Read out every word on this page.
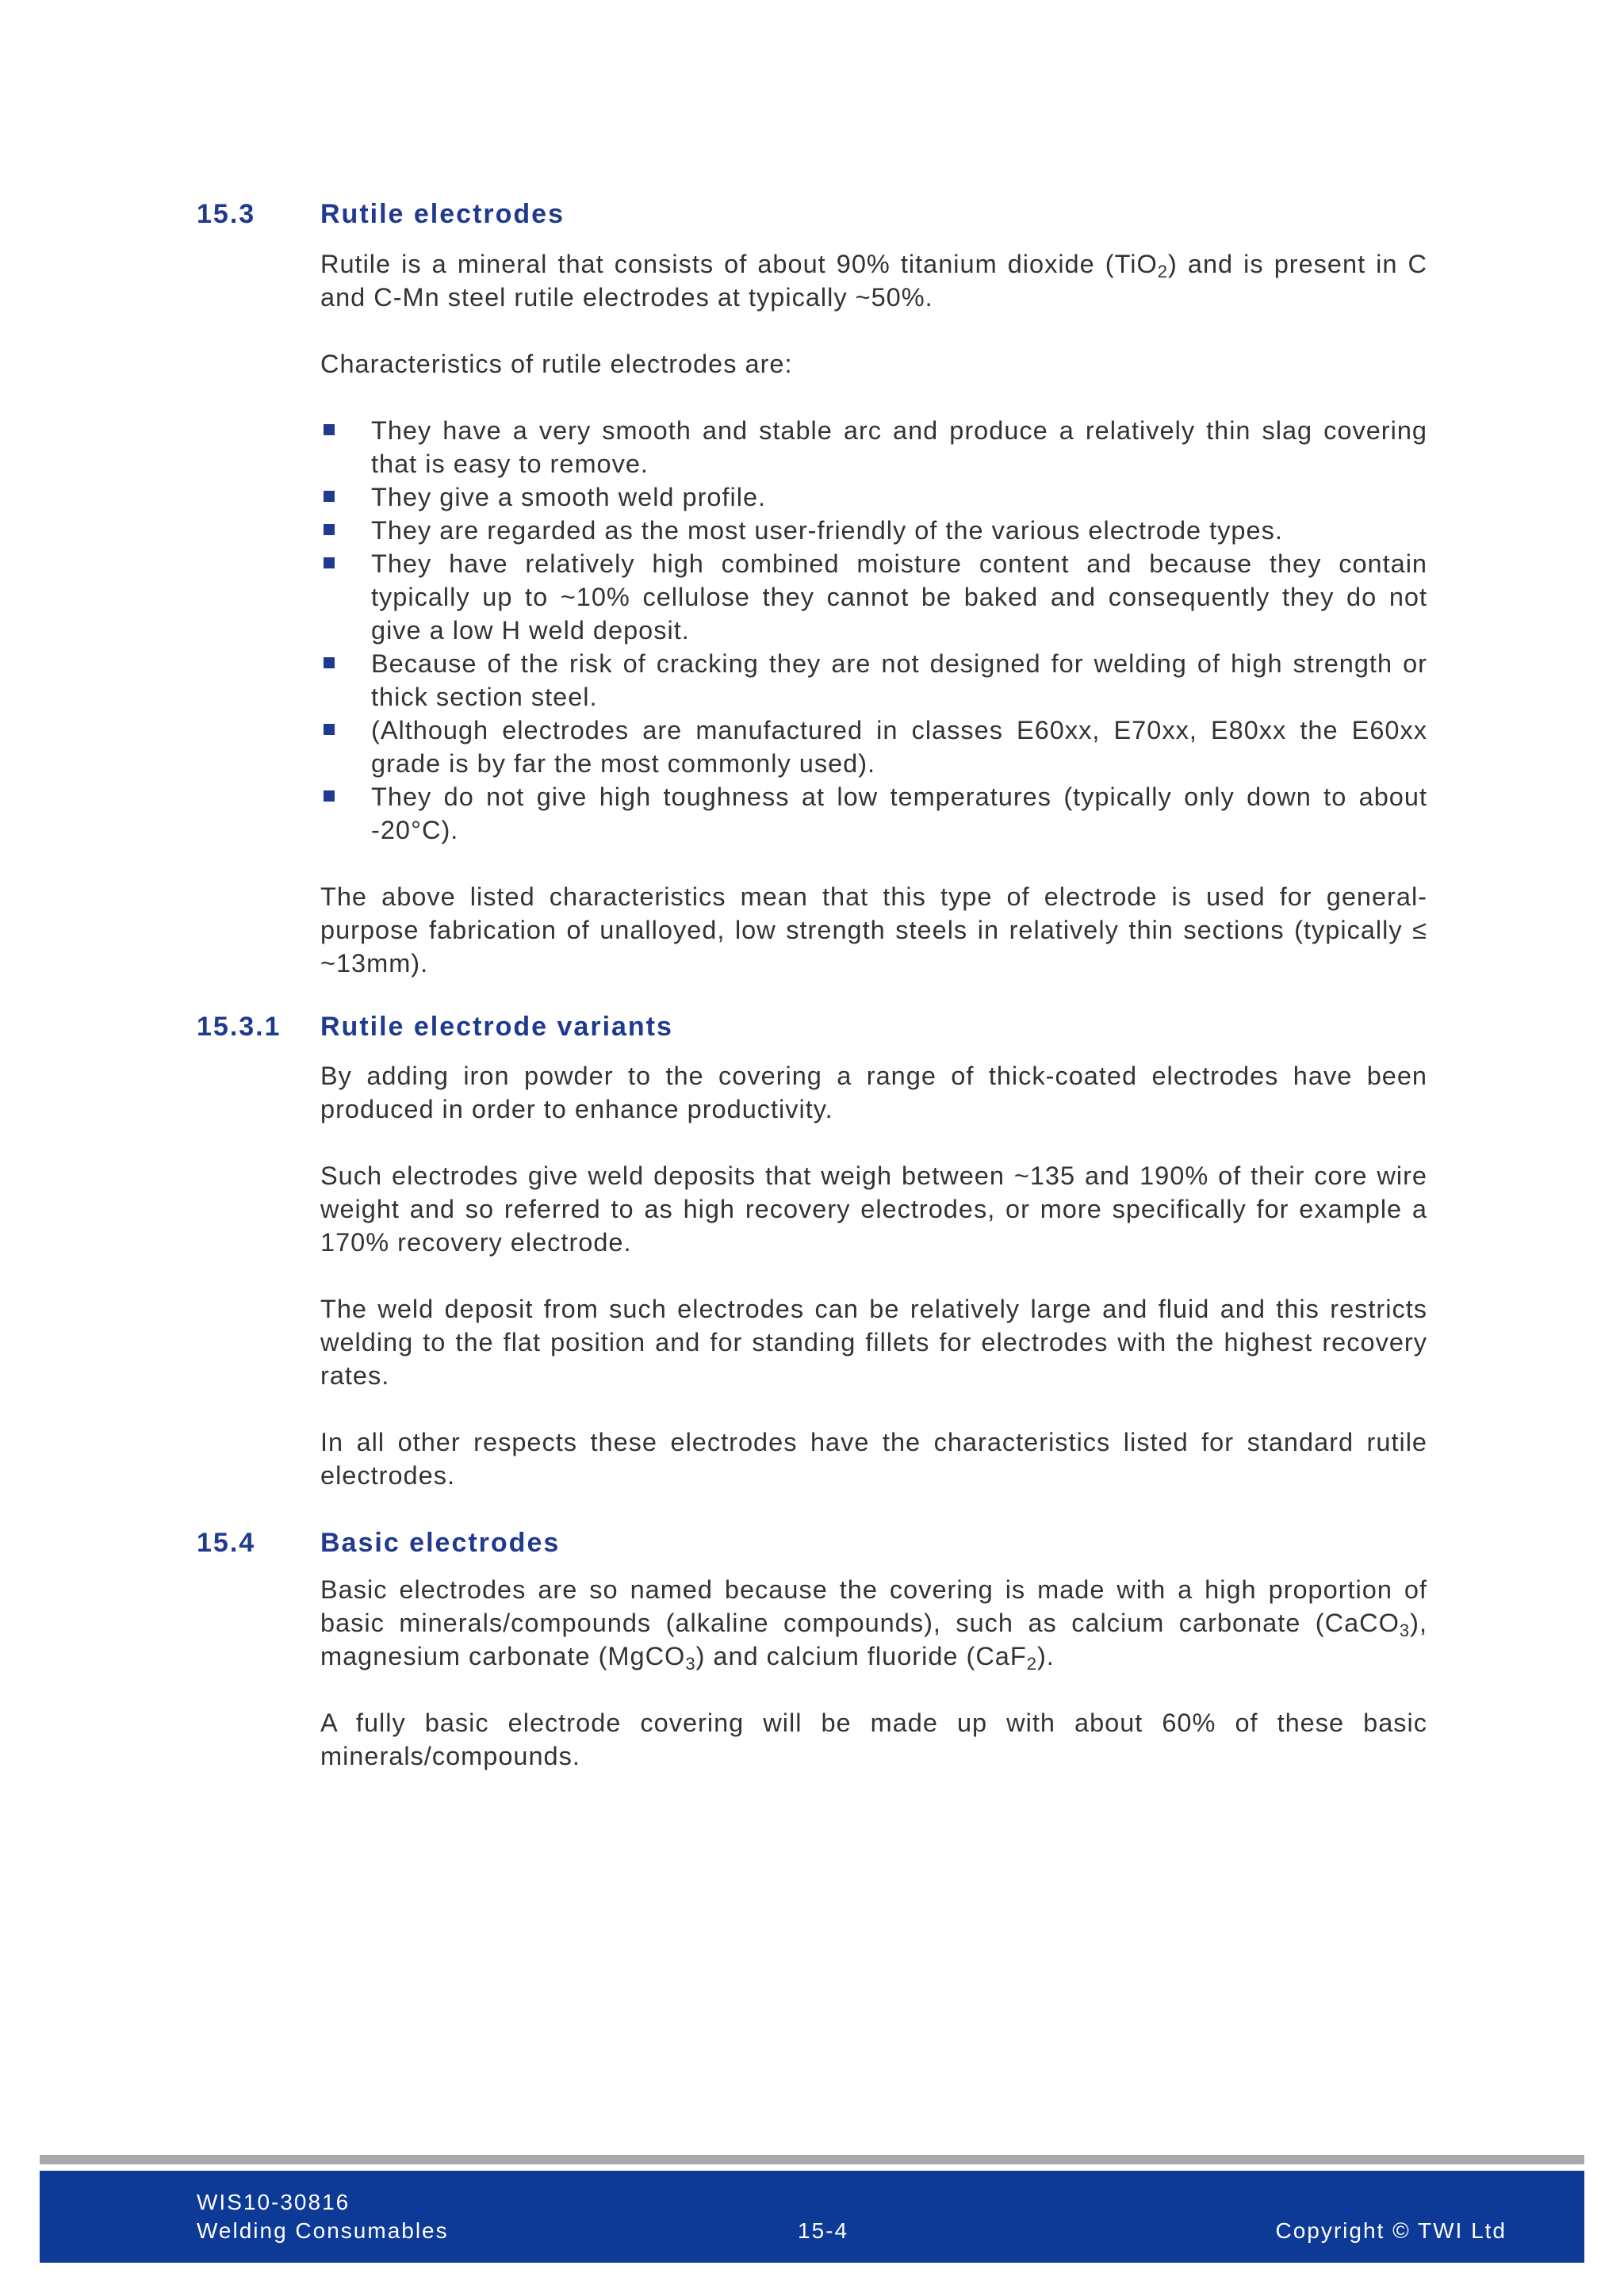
15.3 Rutile electrodes

Rutile is a mineral that consists of about 90% titanium dioxide (TiO$_2$) and is present in C and C-Mn steel rutile electrodes at typically ~50%.

Characteristics of rutile electrodes are:

They have a very smooth and stable arc and produce a relatively thin slag covering that is easy to remove.
They give a smooth weld profile.
They are regarded as the most user-friendly of the various electrode types.
They have relatively high combined moisture content and because they contain typically up to ~10% cellulose they cannot be baked and consequently they do not give a low H weld deposit.
Because of the risk of cracking they are not designed for welding of high strength or thick section steel.
(Although electrodes are manufactured in classes E60xx, E70xx, E80xx the E60xx grade is by far the most commonly used).
They do not give high toughness at low temperatures (typically only down to about -20°C).

The above listed characteristics mean that this type of electrode is used for general-purpose fabrication of unalloyed, low strength steels in relatively thin sections (typically ≤ ~13mm).

15.3.1 Rutile electrode variants

By adding iron powder to the covering a range of thick-coated electrodes have been produced in order to enhance productivity.

Such electrodes give weld deposits that weigh between ~135 and 190% of their core wire weight and so referred to as high recovery electrodes, or more specifically for example a 170% recovery electrode.

The weld deposit from such electrodes can be relatively large and fluid and this restricts welding to the flat position and for standing fillets for electrodes with the highest recovery rates.

In all other respects these electrodes have the characteristics listed for standard rutile electrodes.

15.4 Basic electrodes

Basic electrodes are so named because the covering is made with a high proportion of basic minerals/compounds (alkaline compounds), such as calcium carbonate (CaCO$_3$), magnesium carbonate (MgCO$_3$) and calcium fluoride (CaF$_2$).

A fully basic electrode covering will be made up with about 60% of these basic minerals/compounds.

WIS10-30816
Welding Consumables	15-4	Copyright © TWI Ltd
